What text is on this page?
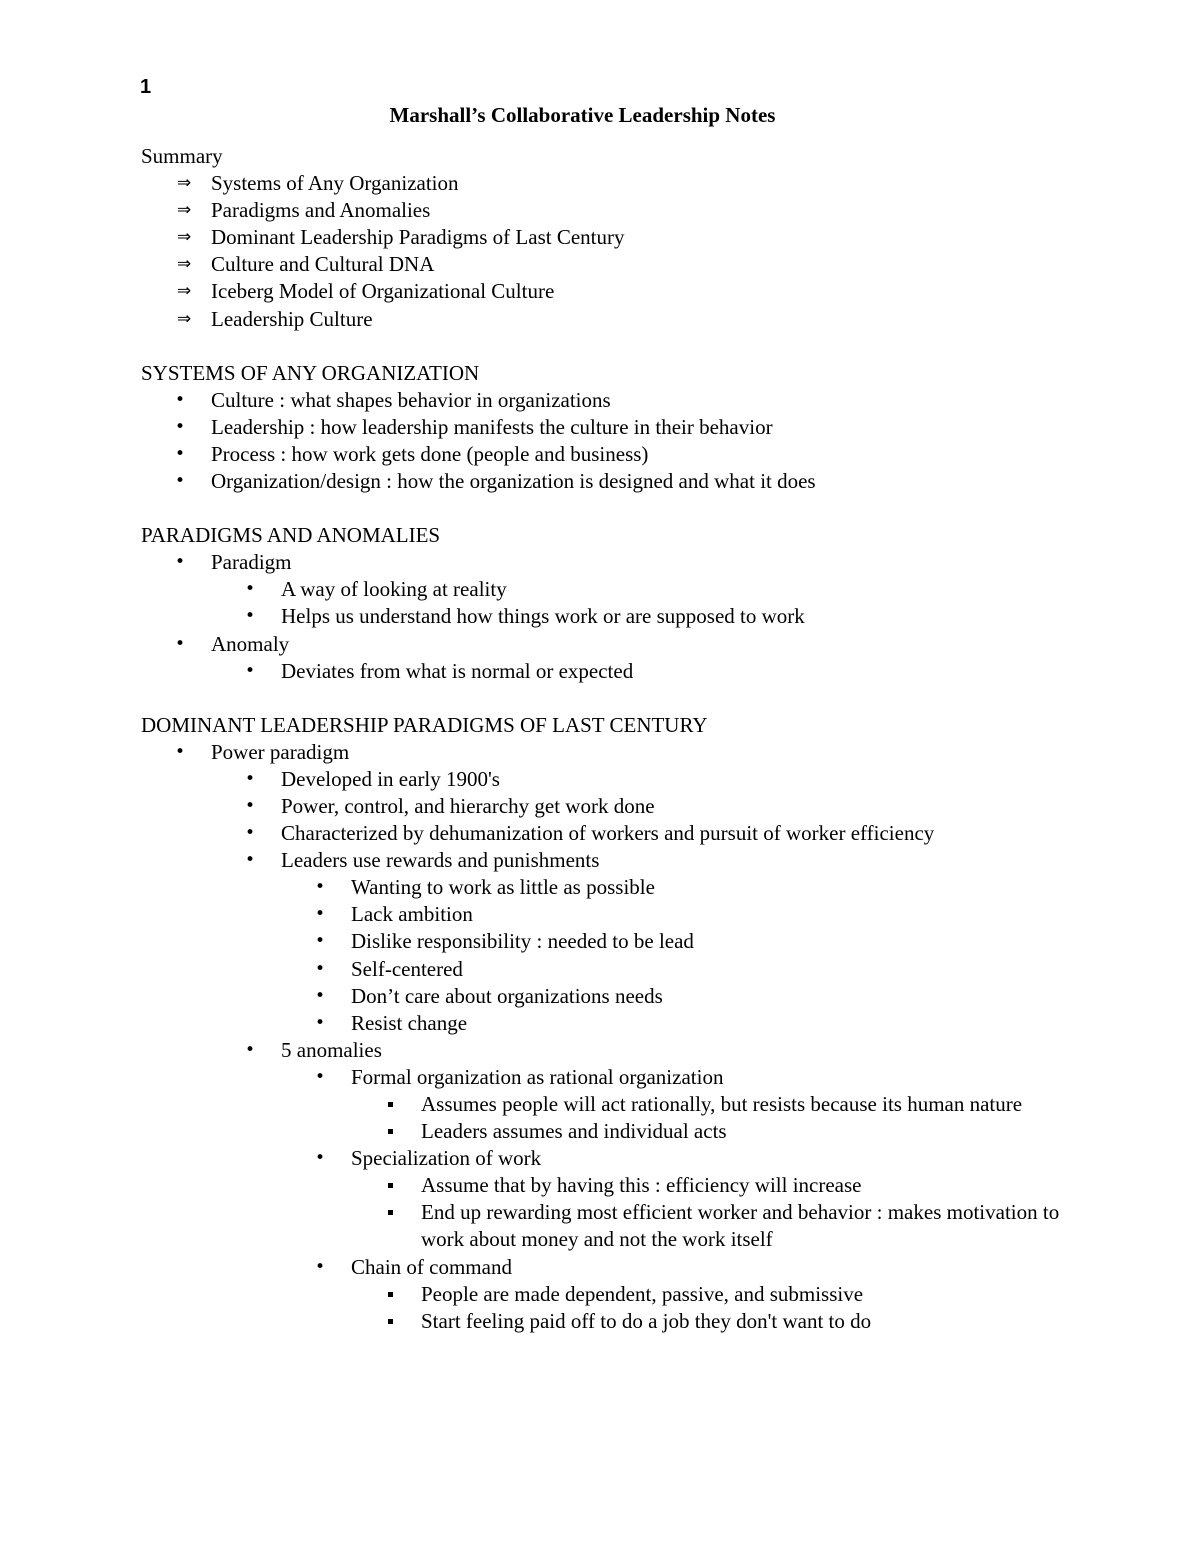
1
Marshall’s Collaborative Leadership Notes
Summary
⇒ Systems of Any Organization
⇒ Paradigms and Anomalies
⇒ Dominant Leadership Paradigms of Last Century
⇒ Culture and Cultural DNA
⇒ Iceberg Model of Organizational Culture
⇒ Leadership Culture
SYSTEMS OF ANY ORGANIZATION
• Culture : what shapes behavior in organizations
• Leadership : how leadership manifests the culture in their behavior
• Process : how work gets done (people and business)
• Organization/design : how the organization is designed and what it does
PARADIGMS AND ANOMALIES
• Paradigm
• A way of looking at reality
• Helps us understand how things work or are supposed to work
• Anomaly
• Deviates from what is normal or expected
DOMINANT LEADERSHIP PARADIGMS OF LAST CENTURY
• Power paradigm
• Developed in early 1900's
• Power, control, and hierarchy get work done
• Characterized by dehumanization of workers and pursuit of worker efficiency
• Leaders use rewards and punishments
• Wanting to work as little as possible
• Lack ambition
• Dislike responsibility : needed to be lead
• Self-centered
• Don’t care about organizations needs
• Resist change
• 5 anomalies
• Formal organization as rational organization
Assumes people will act rationally, but resists because its human nature
Leaders assumes and individual acts
• Specialization of work
Assume that by having this : efficiency will increase
End up rewarding most efficient worker and behavior : makes motivation to work about money and not the work itself
• Chain of command
People are made dependent, passive, and submissive
Start feeling paid off to do a job they don't want to do
